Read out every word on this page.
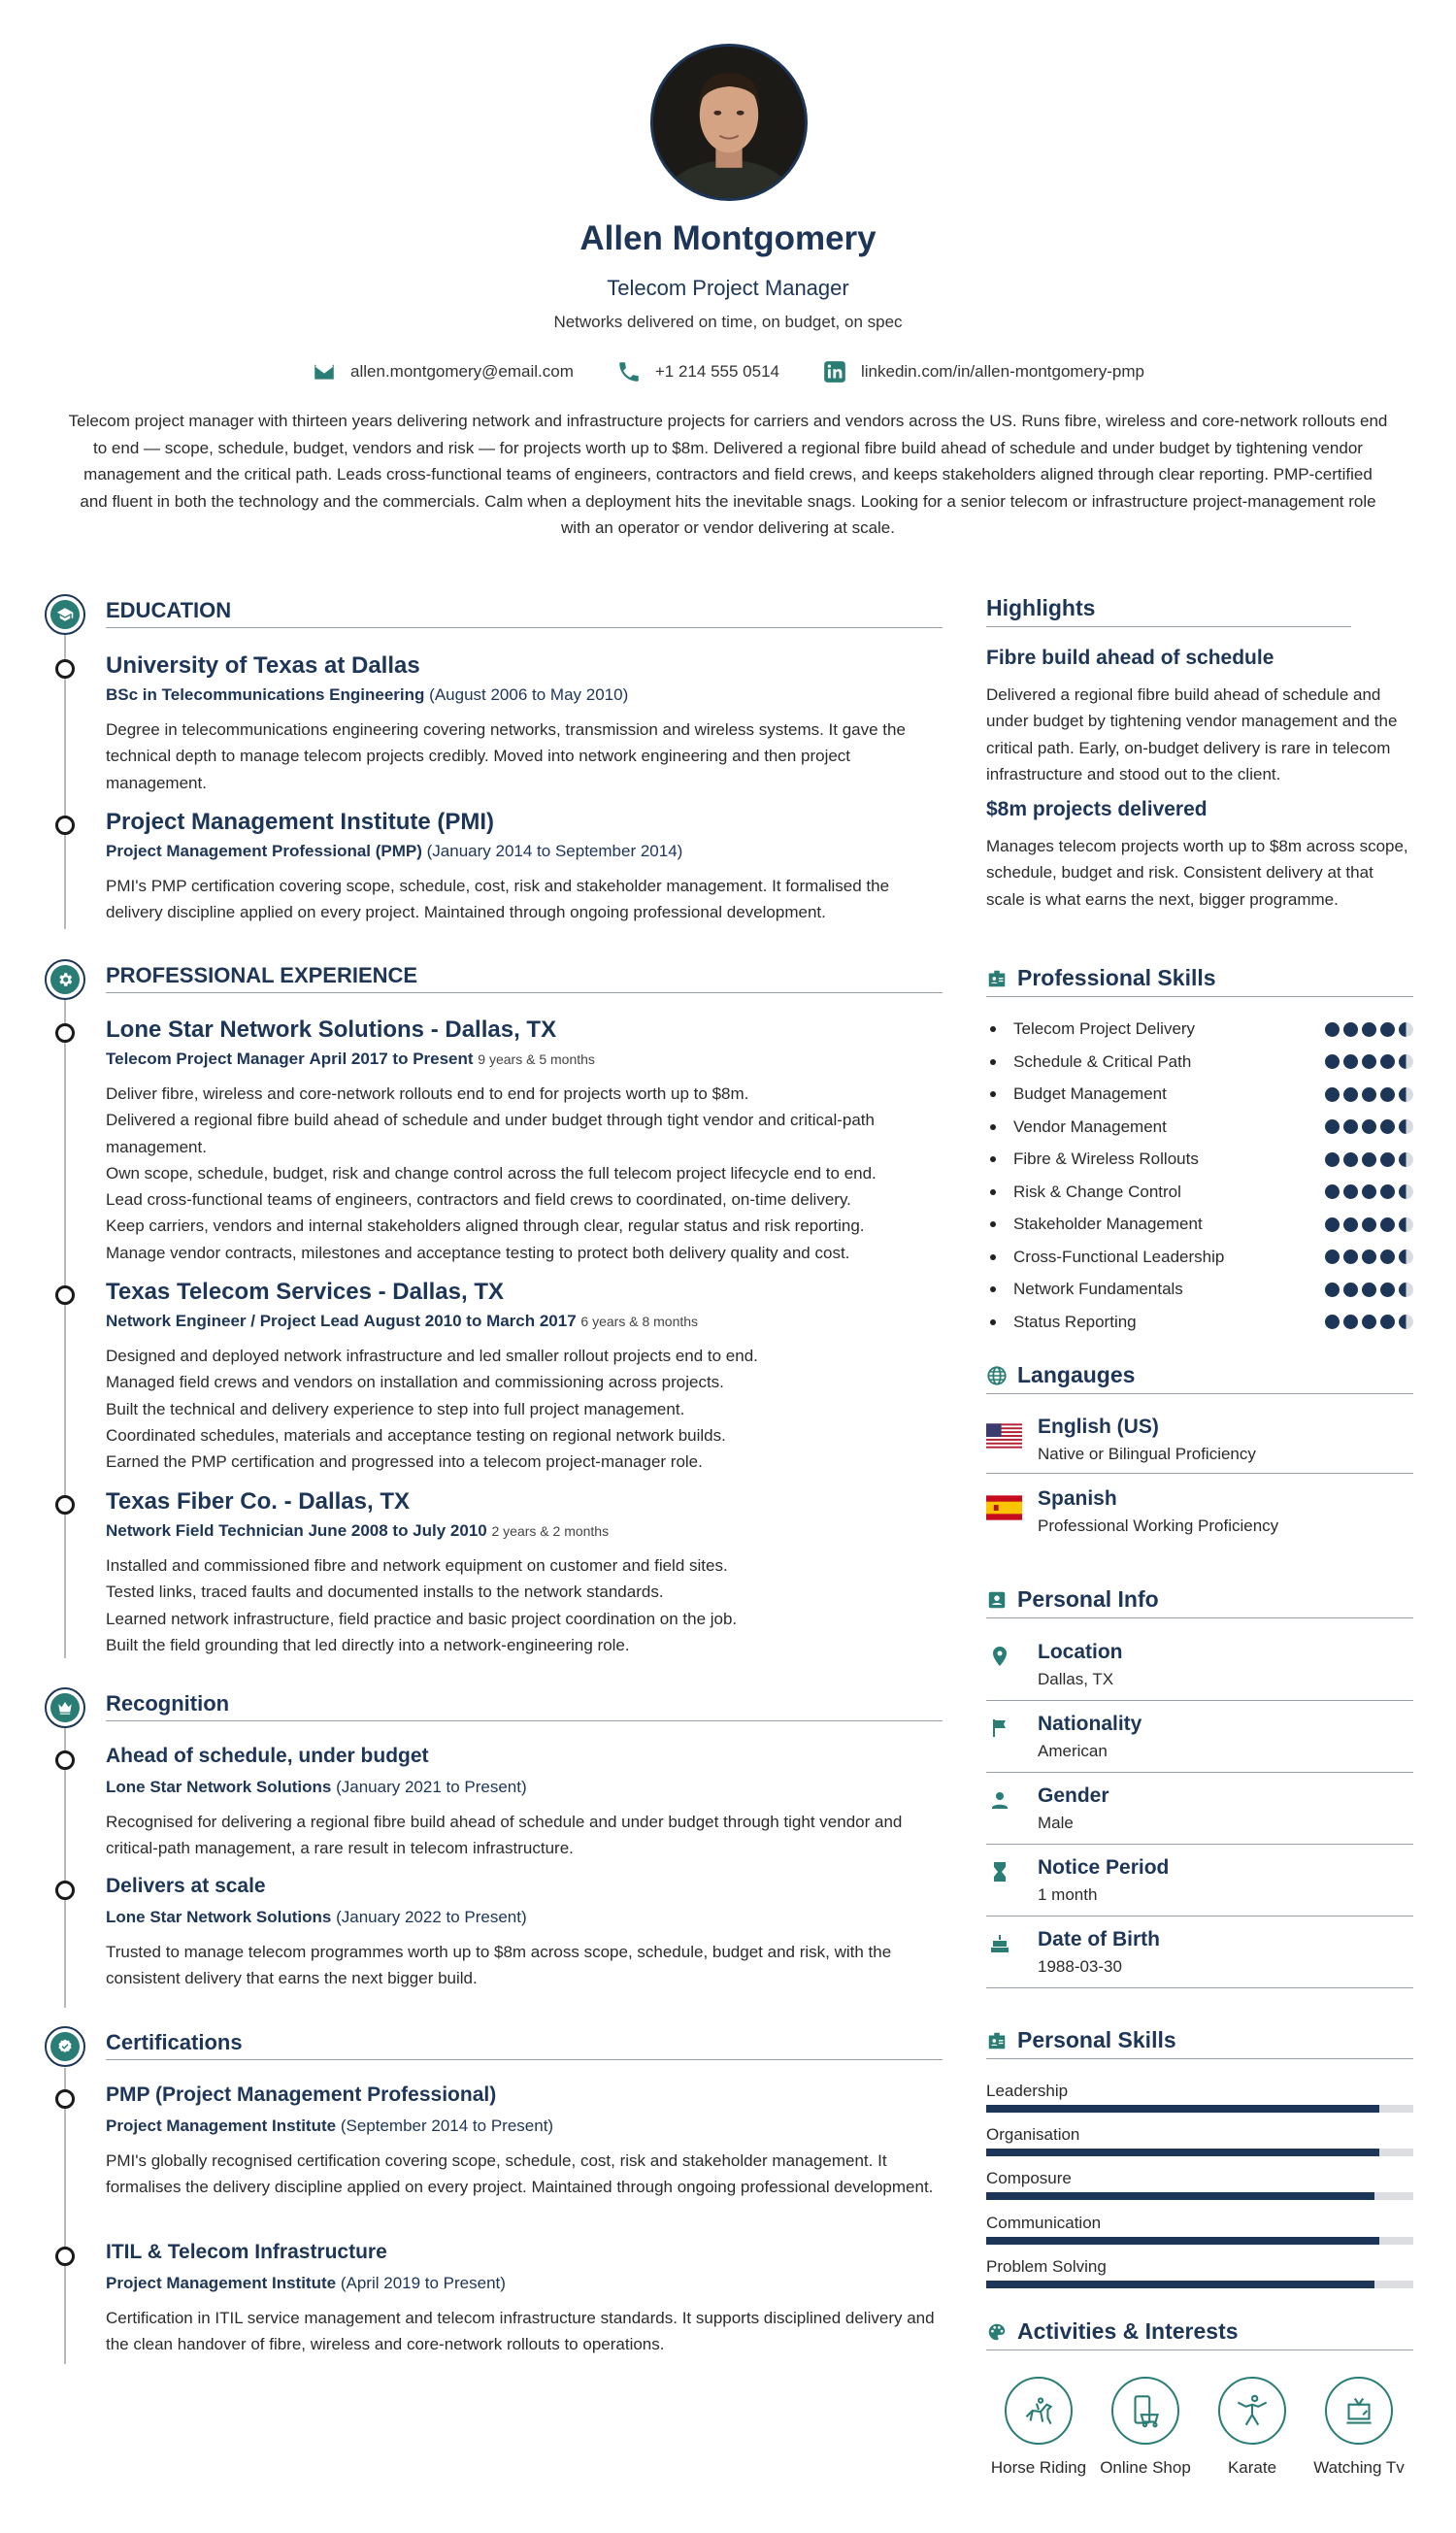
Allen Montgomery
Telecom Project Manager
Networks delivered on time, on budget, on spec
allen.montgomery@email.com	+1 214 555 0514	linkedin.com/in/allen-montgomery-pmp
Telecom project manager with thirteen years delivering network and infrastructure projects for carriers and vendors across the US. Runs fibre, wireless and core-network rollouts end to end — scope, schedule, budget, vendors and risk — for projects worth up to $8m. Delivered a regional fibre build ahead of schedule and under budget by tightening vendor management and the critical path. Leads cross-functional teams of engineers, contractors and field crews, and keeps stakeholders aligned through clear reporting. PMP-certified and fluent in both the technology and the commercials. Calm when a deployment hits the inevitable snags. Looking for a senior telecom or infrastructure project-management role with an operator or vendor delivering at scale.
EDUCATION
University of Texas at Dallas
BSc in Telecommunications Engineering (August 2006 to May 2010)
Degree in telecommunications engineering covering networks, transmission and wireless systems. It gave the technical depth to manage telecom projects credibly. Moved into network engineering and then project management.
Project Management Institute (PMI)
Project Management Professional (PMP) (January 2014 to September 2014)
PMI's PMP certification covering scope, schedule, cost, risk and stakeholder management. It formalised the delivery discipline applied on every project. Maintained through ongoing professional development.
PROFESSIONAL EXPERIENCE
Lone Star Network Solutions - Dallas, TX
Telecom Project Manager April 2017 to Present 9 years & 5 months
Deliver fibre, wireless and core-network rollouts end to end for projects worth up to $8m.
Delivered a regional fibre build ahead of schedule and under budget through tight vendor and critical-path management.
Own scope, schedule, budget, risk and change control across the full telecom project lifecycle end to end.
Lead cross-functional teams of engineers, contractors and field crews to coordinated, on-time delivery.
Keep carriers, vendors and internal stakeholders aligned through clear, regular status and risk reporting.
Manage vendor contracts, milestones and acceptance testing to protect both delivery quality and cost.
Texas Telecom Services - Dallas, TX
Network Engineer / Project Lead August 2010 to March 2017 6 years & 8 months
Designed and deployed network infrastructure and led smaller rollout projects end to end.
Managed field crews and vendors on installation and commissioning across projects.
Built the technical and delivery experience to step into full project management.
Coordinated schedules, materials and acceptance testing on regional network builds.
Earned the PMP certification and progressed into a telecom project-manager role.
Texas Fiber Co. - Dallas, TX
Network Field Technician June 2008 to July 2010 2 years & 2 months
Installed and commissioned fibre and network equipment on customer and field sites.
Tested links, traced faults and documented installs to the network standards.
Learned network infrastructure, field practice and basic project coordination on the job.
Built the field grounding that led directly into a network-engineering role.
Recognition
Ahead of schedule, under budget
Lone Star Network Solutions (January 2021 to Present)
Recognised for delivering a regional fibre build ahead of schedule and under budget through tight vendor and critical-path management, a rare result in telecom infrastructure.
Delivers at scale
Lone Star Network Solutions (January 2022 to Present)
Trusted to manage telecom programmes worth up to $8m across scope, schedule, budget and risk, with the consistent delivery that earns the next bigger build.
Certifications
PMP (Project Management Professional)
Project Management Institute (September 2014 to Present)
PMI's globally recognised certification covering scope, schedule, cost, risk and stakeholder management. It formalises the delivery discipline applied on every project. Maintained through ongoing professional development.
ITIL & Telecom Infrastructure
Project Management Institute (April 2019 to Present)
Certification in ITIL service management and telecom infrastructure standards. It supports disciplined delivery and the clean handover of fibre, wireless and core-network rollouts to operations.
Highlights
Fibre build ahead of schedule
Delivered a regional fibre build ahead of schedule and under budget by tightening vendor management and the critical path. Early, on-budget delivery is rare in telecom infrastructure and stood out to the client.
$8m projects delivered
Manages telecom projects worth up to $8m across scope, schedule, budget and risk. Consistent delivery at that scale is what earns the next, bigger programme.
Professional Skills
Telecom Project Delivery
Schedule & Critical Path
Budget Management
Vendor Management
Fibre & Wireless Rollouts
Risk & Change Control
Stakeholder Management
Cross-Functional Leadership
Network Fundamentals
Status Reporting
Langauges
English (US)
Native or Bilingual Proficiency
Spanish
Professional Working Proficiency
Personal Info
Location
Dallas, TX
Nationality
American
Gender
Male
Notice Period
1 month
Date of Birth
1988-03-30
Personal Skills
Leadership
Organisation
Composure
Communication
Problem Solving
Activities & Interests
Horse Riding Online Shop	Karate	Watching Tv
